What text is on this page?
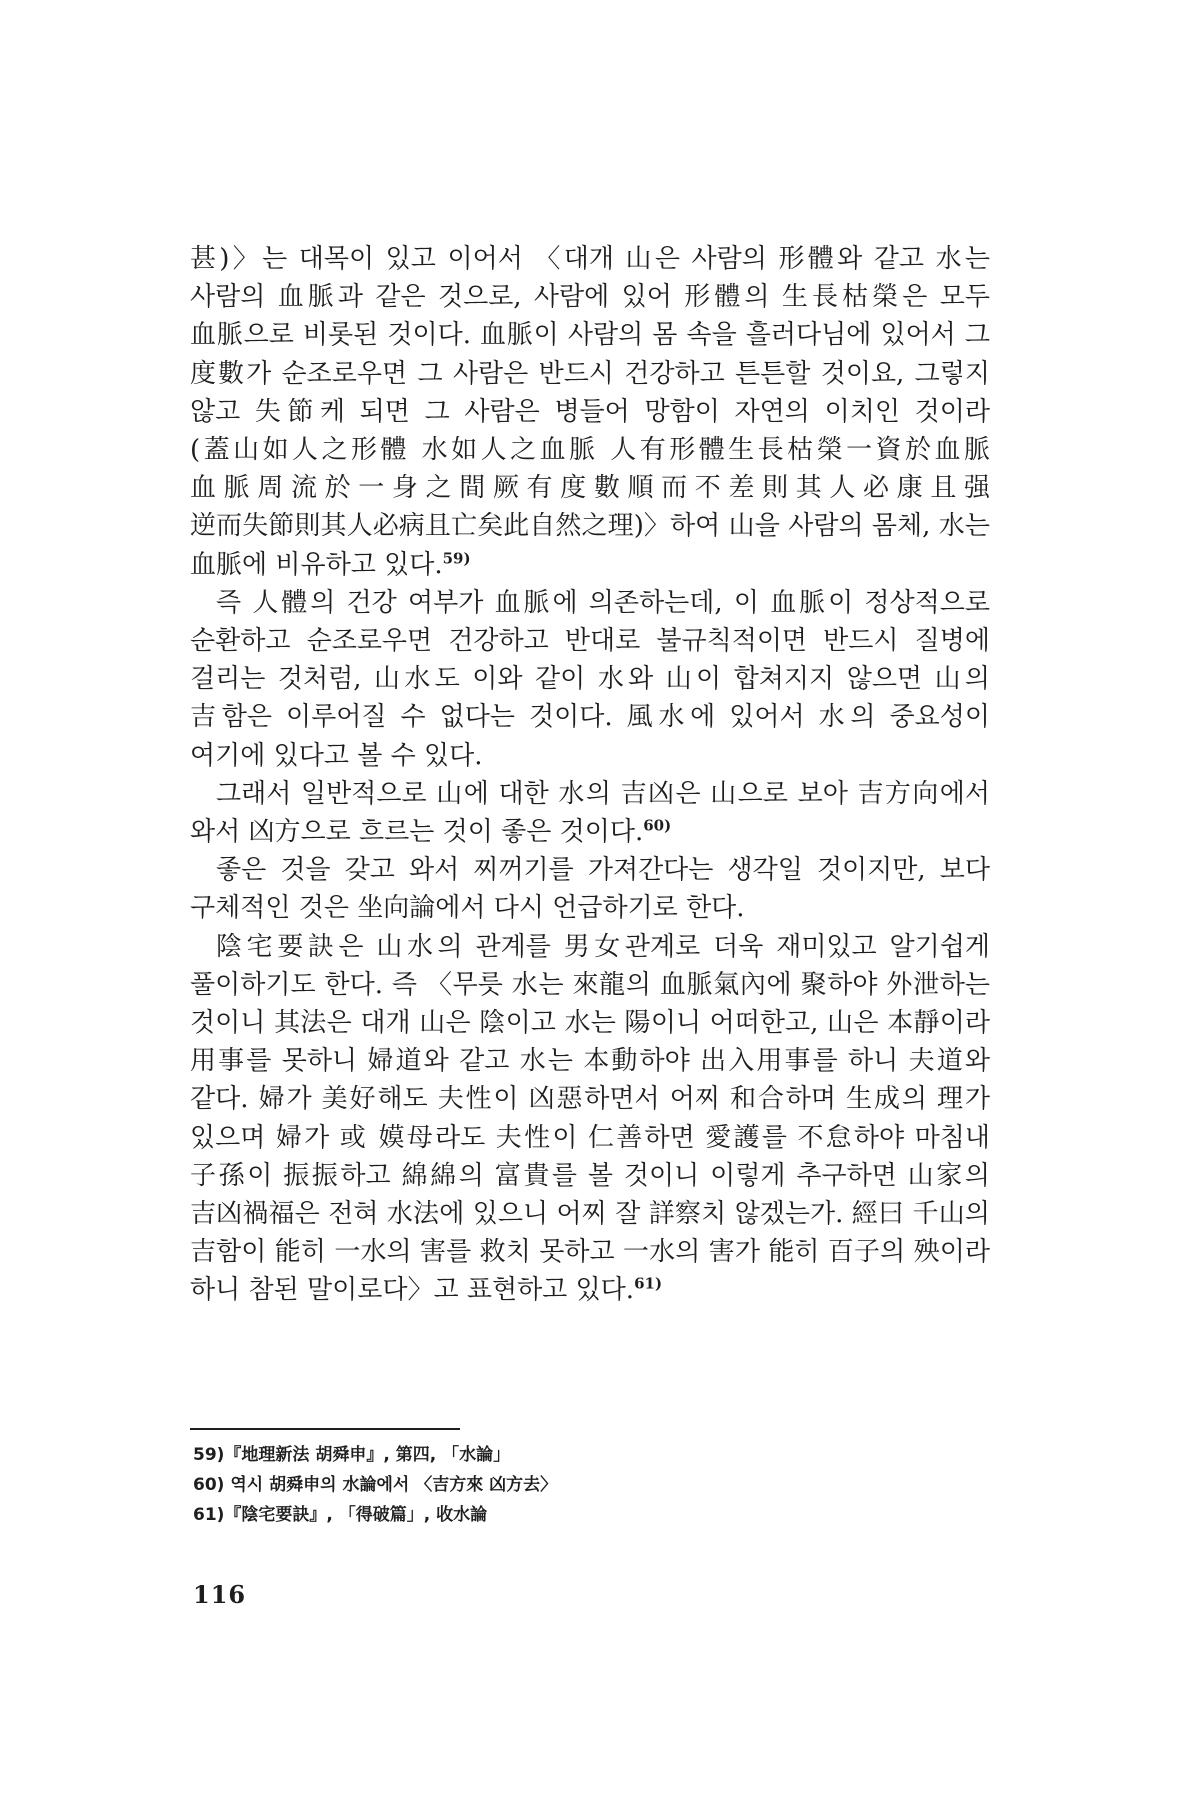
甚)〉는 대목이 있고 이어서 〈대개 山은 사람의 形體와 같고 水는 사람의 血脈과 같은 것으로, 사람에 있어 形體의 生長枯榮은 모두 血脈으로 비롯된 것이다. 血脈이 사람의 몸 속을 흘러다님에 있어서 그 度數가 순조로우면 그 사람은 반드시 건강하고 튼튼할 것이요, 그렇지 않고 失節케 되면 그 사람은 병들어 망함이 자연의 이치인 것이라(蓋山如人之形體 水如人之血脈 人有形體生長枯榮一資於血脈 血脈周流於一身之間厥有度數順而不差則其人必康且强 逆而失節則其人必病且亡矣此自然之理)〉하여 山을 사람의 몸체, 水는 血脈에 비유하고 있다.$^{59)}$

즉 人體의 건강 여부가 血脈에 의존하는데, 이 血脈이 정상적으로 순환하고 순조로우면 건강하고 반대로 불규칙적이면 반드시 질병에 걸리는 것처럼, 山水도 이와 같이 水와 山이 합쳐지지 않으면 山의 吉함은 이루어질 수 없다는 것이다. 風水에 있어서 水의 중요성이 여기에 있다고 볼 수 있다.

그래서 일반적으로 山에 대한 水의 吉凶은 山으로 보아 吉方向에서 와서 凶方으로 흐르는 것이 좋은 것이다.$^{60)}$

좋은 것을 갖고 와서 찌꺼기를 가져간다는 생각일 것이지만, 보다 구체적인 것은 坐向論에서 다시 언급하기로 한다.

陰宅要訣은 山水의 관계를 男女관계로 더욱 재미있고 알기쉽게 풀이하기도 한다. 즉 〈무릇 水는 來龍의 血脈氣內에 聚하야 外泄하는 것이니 其法은 대개 山은 陰이고 水는 陽이니 어떠한고, 山은 本靜이라 用事를 못하니 婦道와 같고 水는 本動하야 出入用事를 하니 夫道와 같다. 婦가 美好해도 夫性이 凶惡하면서 어찌 和合하며 生成의 理가 있으며 婦가 或 嫫母라도 夫性이 仁善하면 愛護를 不怠하야 마침내 子孫이 振振하고 綿綿의 富貴를 볼 것이니 이렇게 추구하면 山家의 吉凶禍福은 전혀 水法에 있으니 어찌 잘 詳察치 않겠는가. 經曰 千山의 吉함이 能히 一水의 害를 救치 못하고 一水의 害가 能히 百子의 殃이라 하니 참된 말이로다〉고 표현하고 있다.$^{61)}$

59)『地理新法 胡舜申』, 第四, 「水論」

60) 역시 胡舜申의 水論에서 〈吉方來 凶方去〉

61)『陰宅要訣』, 「得破篇」, 收水論

116
